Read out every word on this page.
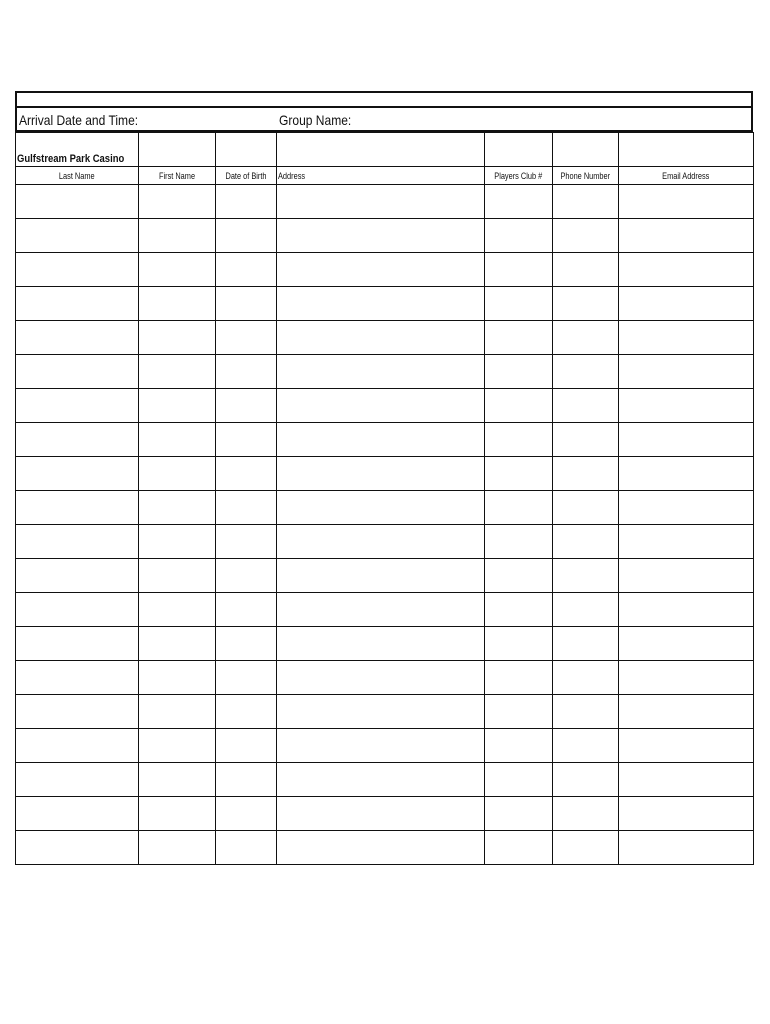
Arrival Date and Time:	Group Name:
Gulfstream Park Casino						
Last Name	First Name	Date of Birth	Address	Players Club #	Phone Number	Email Address
